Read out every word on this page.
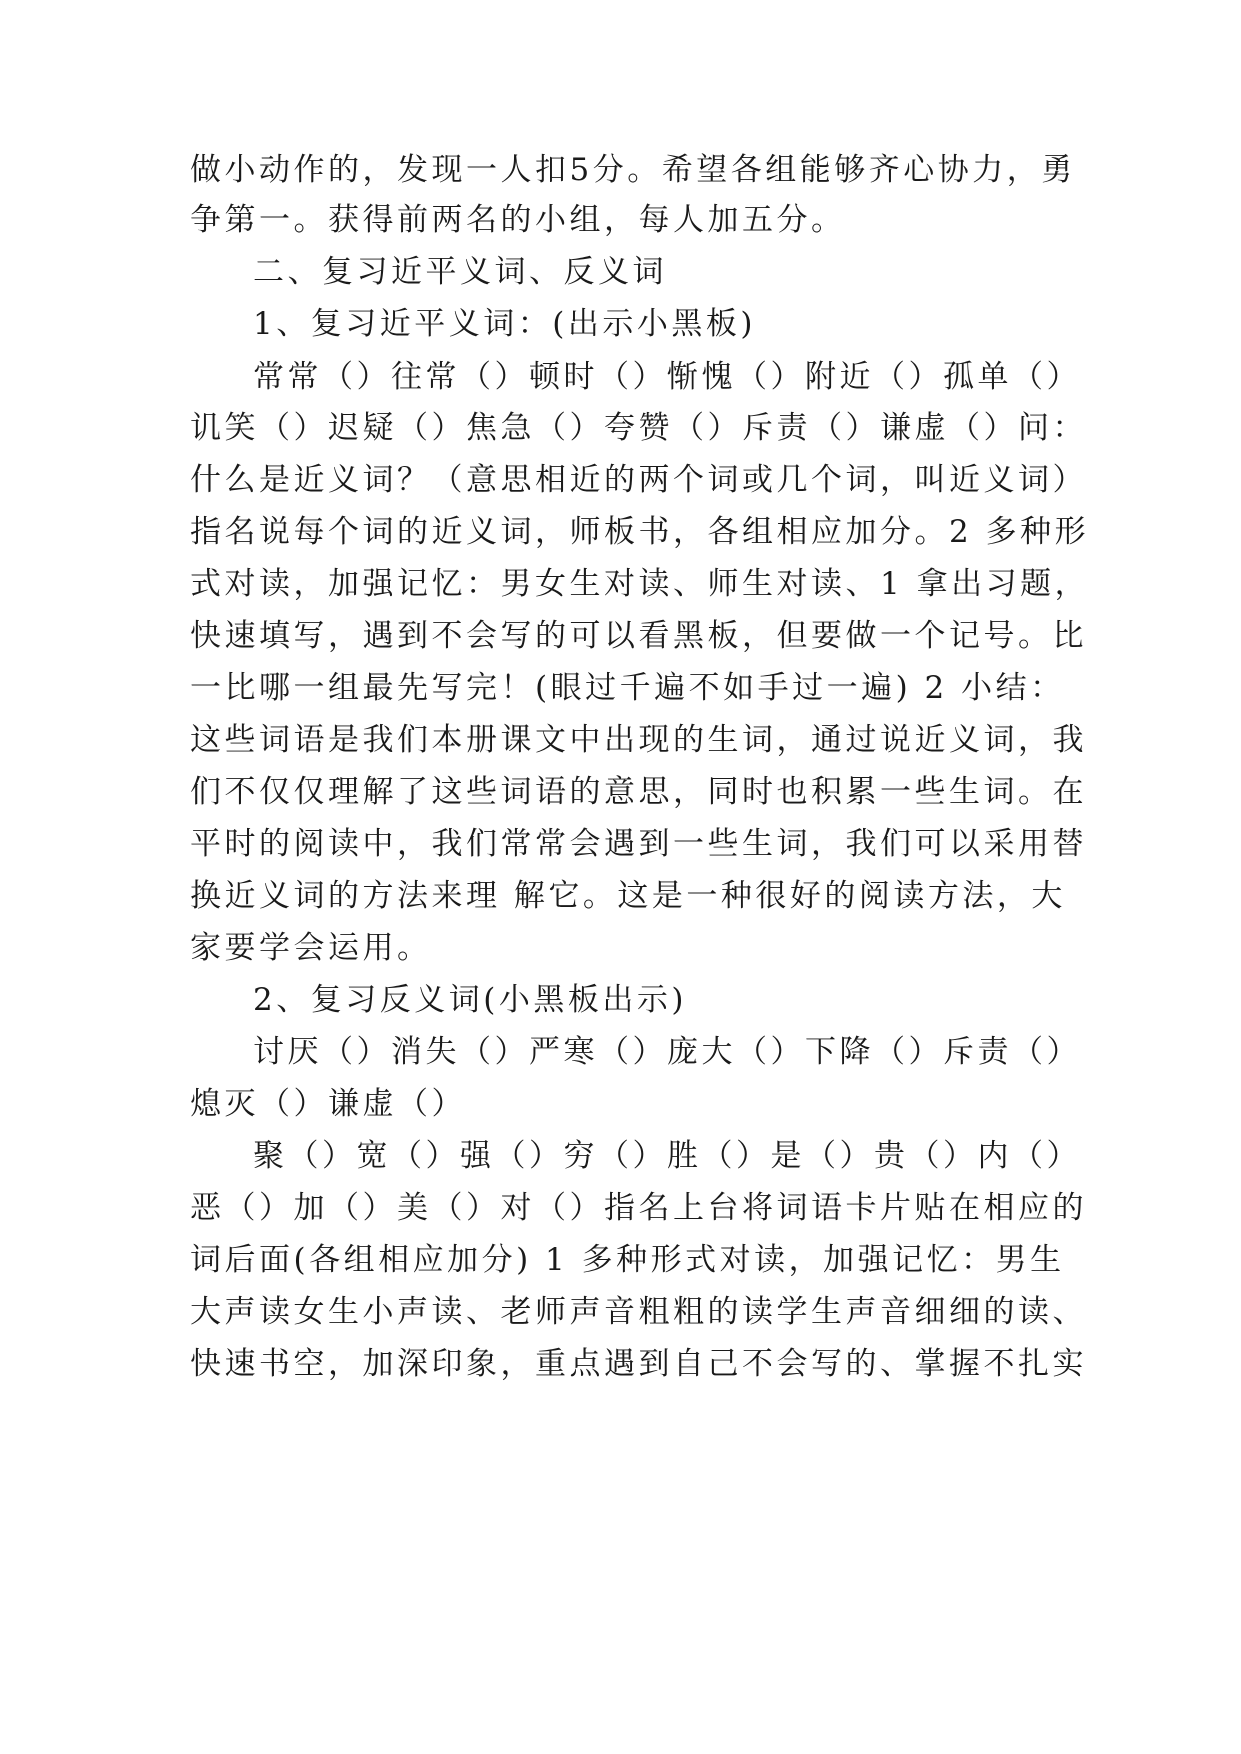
做小动作的，发现一人扣5分。希望各组能够齐心协力，勇
争第一。获得前两名的小组，每人加五分。
二、复习近平义词、反义词
1、复习近平义词：(出示小黑板)
常常（）往常（）顿时（）惭愧（）附近（）孤单（）
讥笑（）迟疑（）焦急（）夸赞（）斥责（）谦虚（）问：
什么是近义词？（意思相近的两个词或几个词，叫近义词）
指名说每个词的近义词，师板书，各组相应加分。2 多种形
式对读，加强记忆：男女生对读、师生对读、1 拿出习题，
快速填写，遇到不会写的可以看黑板，但要做一个记号。比
一比哪一组最先写完！(眼过千遍不如手过一遍) 2 小结：
这些词语是我们本册课文中出现的生词，通过说近义词，我
们不仅仅理解了这些词语的意思，同时也积累一些生词。在
平时的阅读中，我们常常会遇到一些生词，我们可以采用替
换近义词的方法来理 解它。这是一种很好的阅读方法，大
家要学会运用。
2、复习反义词(小黑板出示)
讨厌（）消失（）严寒（）庞大（）下降（）斥责（）
熄灭（）谦虚（）
聚（）宽（）强（）穷（）胜（）是（）贵（）内（）
恶（）加（）美（）对（）指名上台将词语卡片贴在相应的
词后面(各组相应加分) 1 多种形式对读，加强记忆：男生
大声读女生小声读、老师声音粗粗的读学生声音细细的读、
快速书空，加深印象，重点遇到自己不会写的、掌握不扎实
